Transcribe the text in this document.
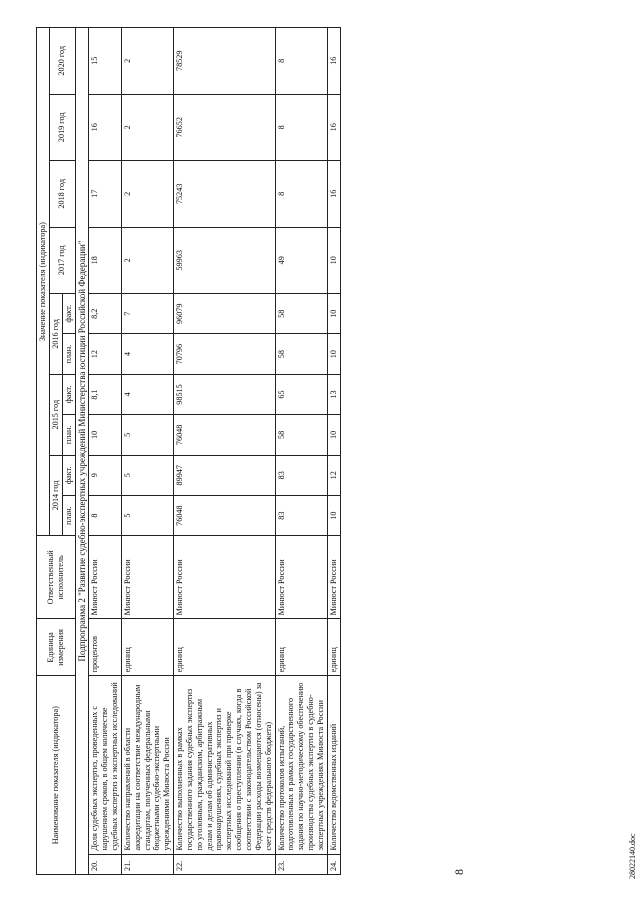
8
Наименование показателя (индикатора)		Единица измерения	Ответственный исполнитель	Значение показателя (индикатора)									
				2014 год		2015 год		2016 год		2017 год	2018 год	2019 год	2020 год
				план.	факт.	план.	факт.	план.	факт.				
Подпрограмма 2 "Развитие судебно-экспертных учреждений Министерства юстиции Российской Федерации"													
20.	Доля судебных экспертиз, проведенных с нарушением сроков, в общем количестве судебных экспертиз и экспертных исследований	процентов	Минюст России	8	9	10	8,1	12	8,2	18	17	16	15
21.	Количество направлений в области аккредитации на соответствие международным стандартам, полученных федеральными бюджетными судебно-экспертными учреждениями Минюста России	единиц	Минюст России	5	5	5	4	4	7	2	2	2	2
22.	Количество выполненных в рамках государственного задания судебных экспертиз по уголовным, гражданским, арбитражным делам и делам об административных правонарушениях, судебных экспертиз и экспертных исследований при проверке сообщения о преступлении (в случаях, когда в соответствии с законодательством Российской Федерации расходы возмещаются (относены) за счет средств федерального бюджета)	единиц	Минюст России	76048	89947	76048	98515	70796	96079	59963	75243	76652	78529
23.	Количество протоколов испытаний, подготовленных в рамках государственного задания по научно-методическому обеспечению производства судебных экспертиз в судебно-экспертных учреждениях Минюста России	единиц	Минюст России	83	83	58	65	58	58	49	8	8	8
24.	Количество ведомственных изданий	единиц	Минюст России	10	12	10	13	10	10	10	16	16	16
28022140.doc
